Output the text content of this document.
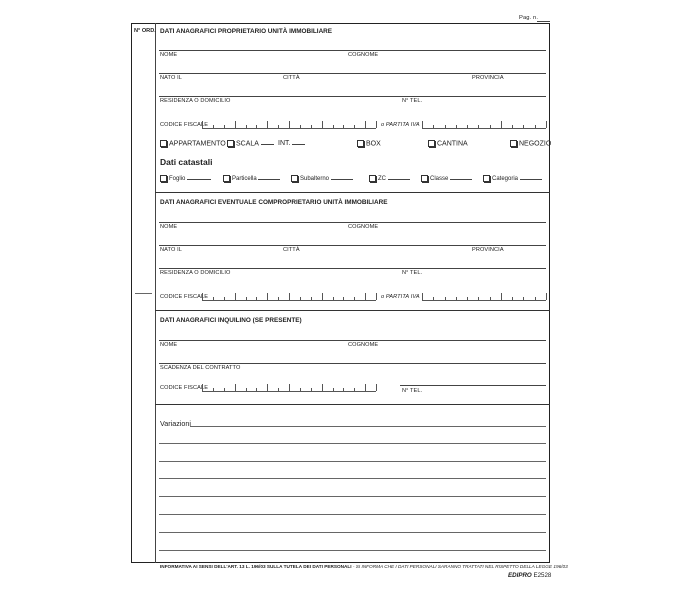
Pag. n.
N° ORD. DATI ANAGRAFICI PROPRIETARIO UNITÀ IMMOBILIARE
NOME	COGNOME
NATO IL	CITTÀ	PROVINCIA
RESIDENZA O DOMICILIO	N° TEL.
CODICE FISCALE	o PARTITA IVA
APPARTAMENTO	SCALA	INT.	BOX	CANTINA	NEGOZIO
Dati catastali
Foglio	Particella	Subalterno	ZC	Classe	Categoria
DATI ANAGRAFICI EVENTUALE COMPROPRIETARIO UNITÀ IMMOBILIARE
NOME	COGNOME
NATO IL	CITTÀ	PROVINCIA
RESIDENZA O DOMICILIO	N° TEL.
CODICE FISCALE	o PARTITA IVA
DATI ANAGRAFICI INQUILINO (SE PRESENTE)
NOME	COGNOME
SCADENZA DEL CONTRATTO
CODICE FISCALE	N° TEL.
Variazioni
INFORMATIVA AI SENSI DELL'ART. 13 L. 196/03 SULLA TUTELA DEI DATI PERSONALI - SI INFORMA CHE I DATI PERSONALI SARANNO TRATTATI NEL RISPETTO DELLA LEGGE 196/03
EDIPRO E2528
